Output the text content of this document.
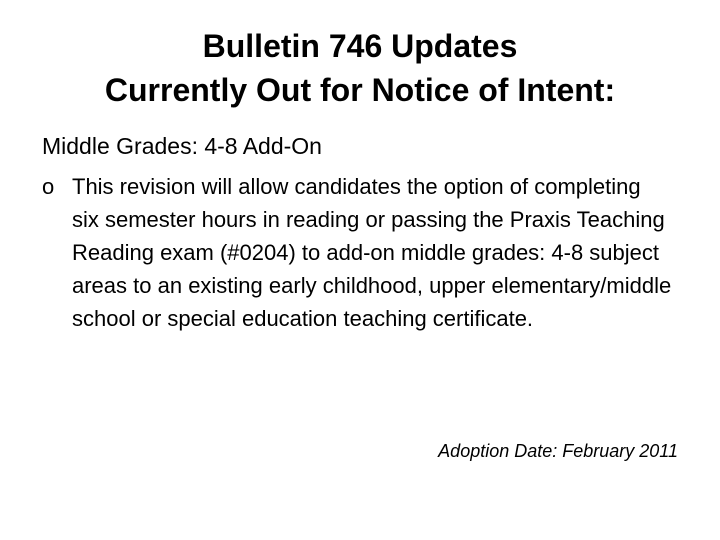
Bulletin 746 Updates
Currently Out for Notice of Intent:
Middle Grades: 4-8 Add-On
o This revision will allow candidates the option of completing six semester hours in reading or passing the Praxis Teaching Reading exam (#0204) to add-on middle grades: 4-8 subject areas to an existing early childhood, upper elementary/middle school or special education teaching certificate.
Adoption Date: February 2011
